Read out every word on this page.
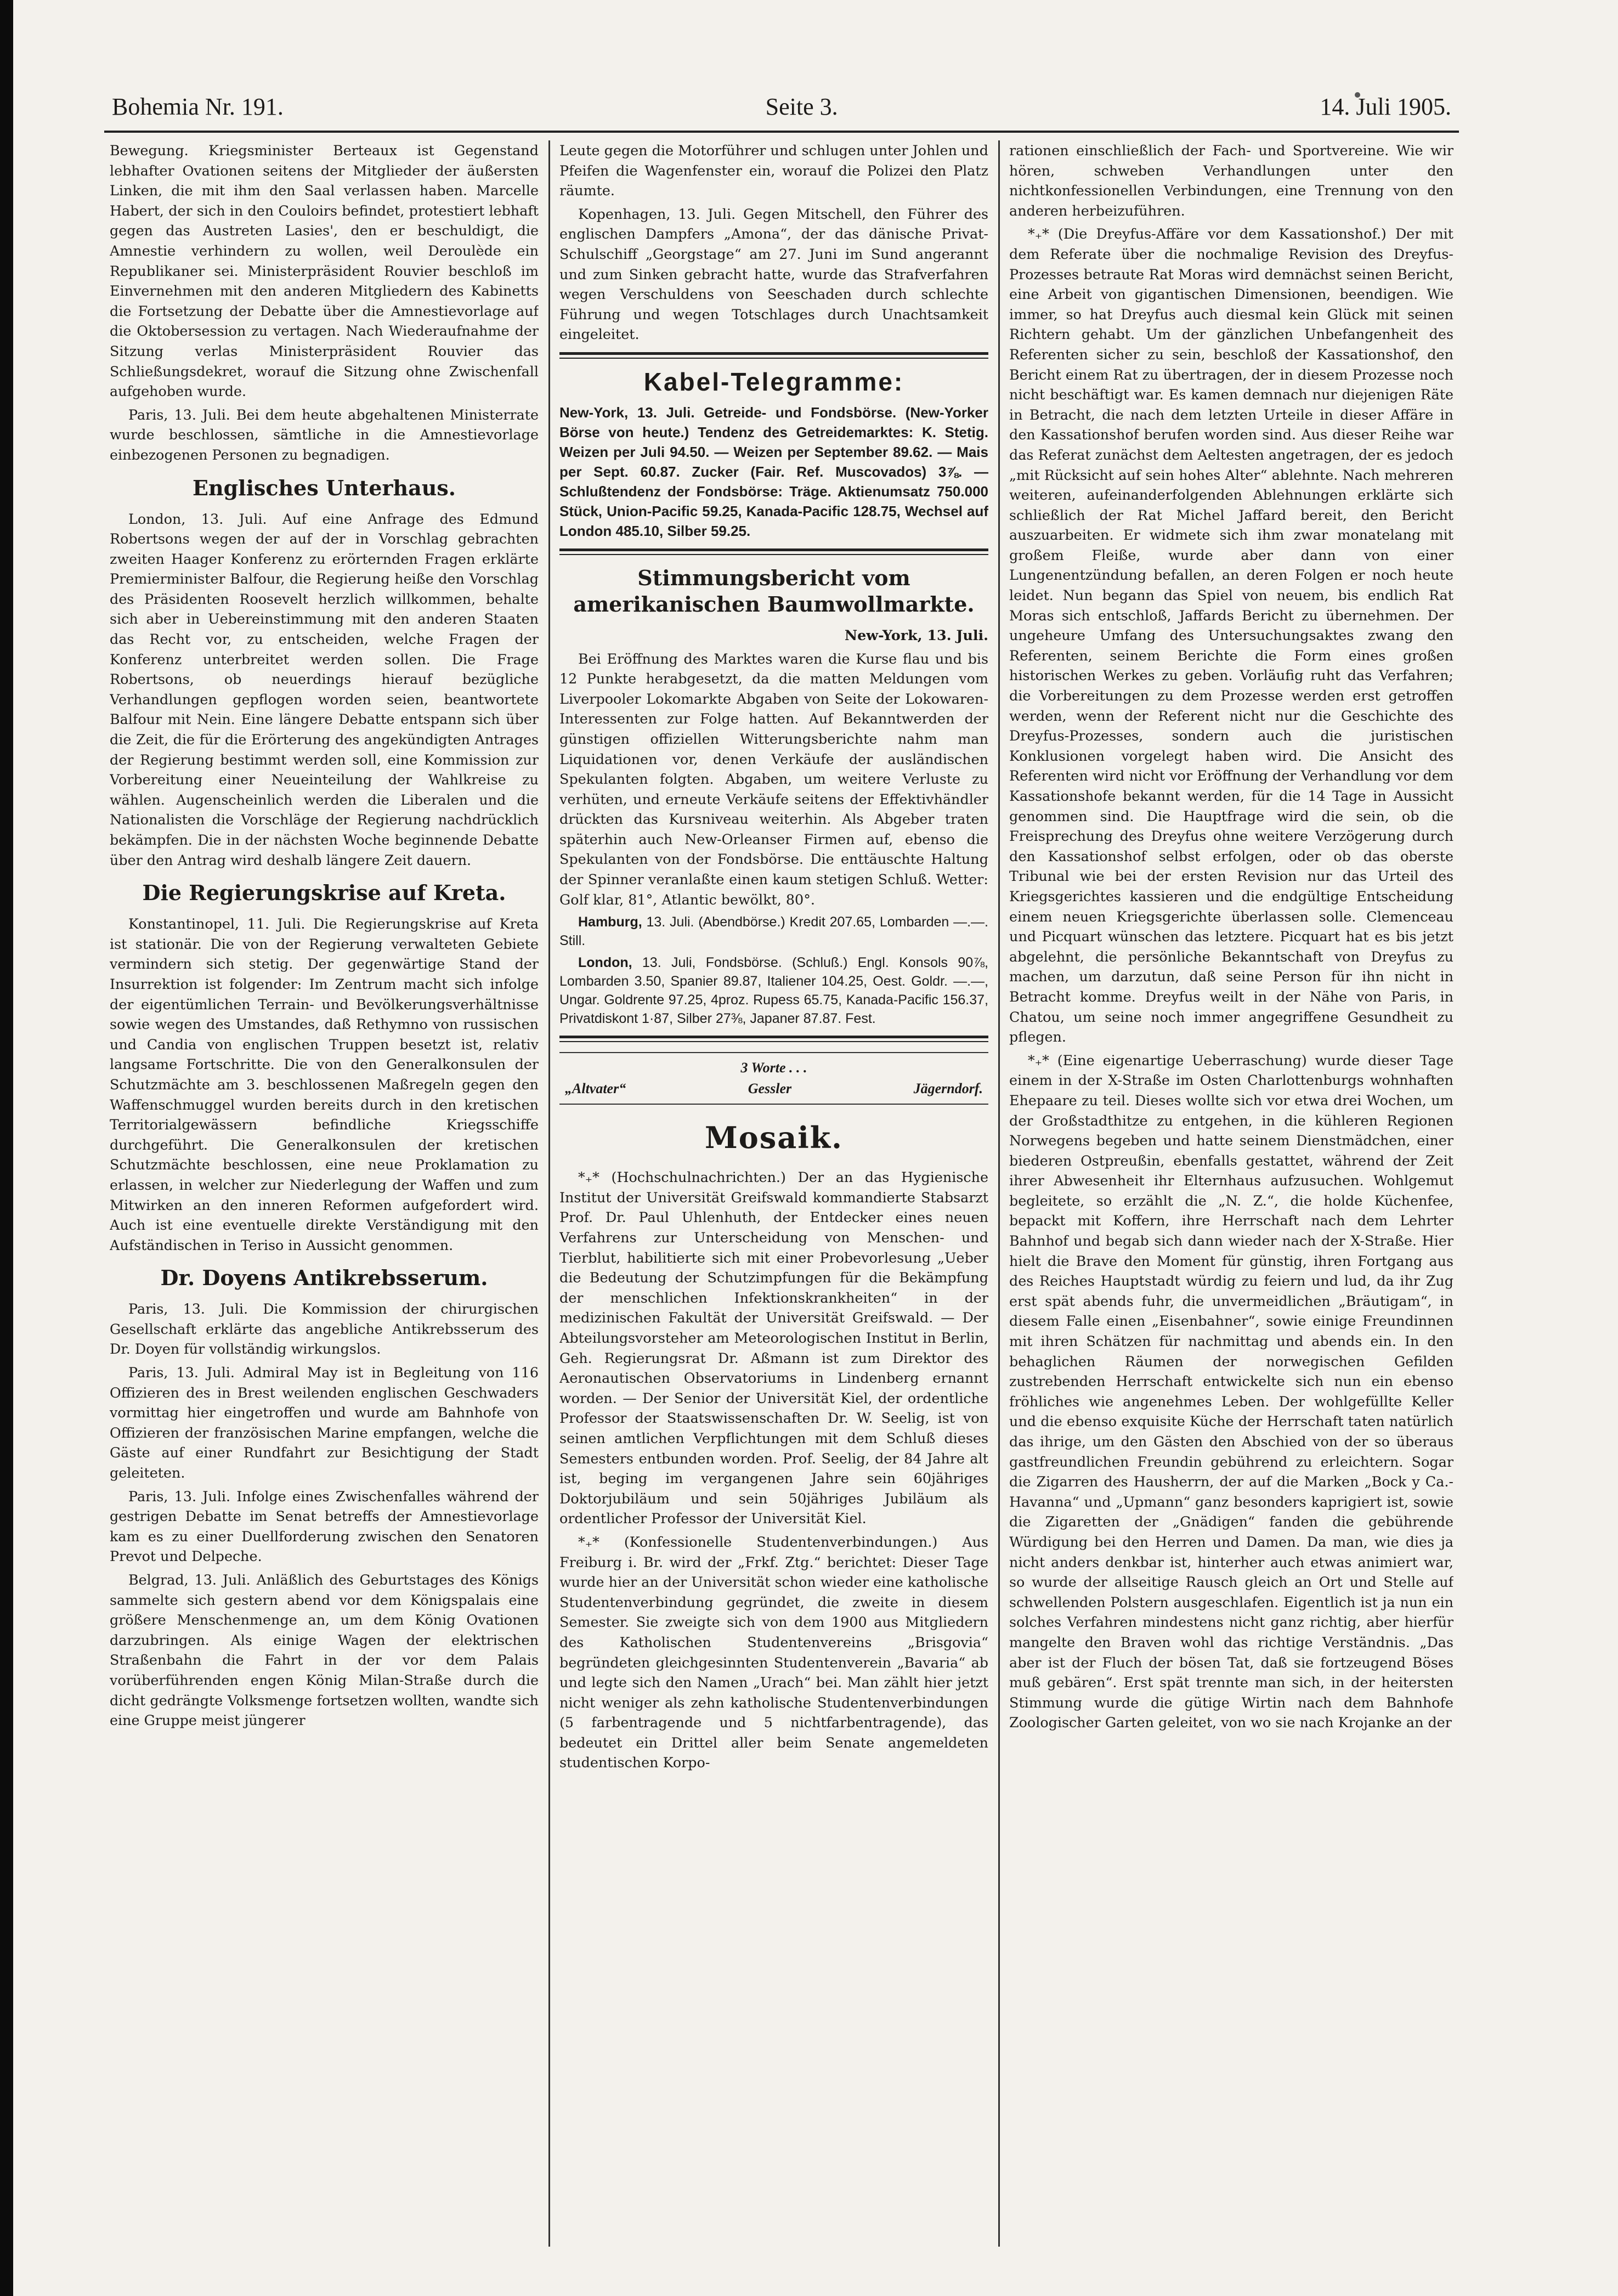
Bohemia Nr. 191.	Seite 3.	14. Juli 1905.

Bewegung. Kriegsminister Berteaux ist Gegenstand lebhafter Ovationen seitens der Mitglieder der äußersten Linken, die mit ihm den Saal verlassen haben. Marcelle Habert, der sich in den Couloirs befindet, protestiert lebhaft gegen das Austreten Lasies', den er beschuldigt, die Amnestie verhindern zu wollen, weil Deroulède ein Republikaner sei. Ministerpräsident Rouvier beschloß im Einvernehmen mit den anderen Mitgliedern des Kabinetts die Fortsetzung der Debatte über die Amnestievorlage auf die Oktobersession zu vertagen. Nach Wiederaufnahme der Sitzung verlas Ministerpräsident Rouvier das Schließungsdekret, worauf die Sitzung ohne Zwischenfall aufgehoben wurde.

Paris, 13. Juli. Bei dem heute abgehaltenen Ministerrate wurde beschlossen, sämtliche in die Amnestievorlage einbezogenen Personen zu begnadigen.

Englisches Unterhaus.

London, 13. Juli. Auf eine Anfrage des Edmund Robertsons wegen der auf der in Vorschlag gebrachten zweiten Haager Konferenz zu erörternden Fragen erklärte Premierminister Balfour, die Regierung heiße den Vorschlag des Präsidenten Roosevelt herzlich willkommen, behalte sich aber in Uebereinstimmung mit den anderen Staaten das Recht vor, zu entscheiden, welche Fragen der Konferenz unterbreitet werden sollen. Die Frage Robertsons, ob neuerdings hierauf bezügliche Verhandlungen gepflogen worden seien, beantwortete Balfour mit Nein. Eine längere Debatte entspann sich über die Zeit, die für die Erörterung des angekündigten Antrages der Regierung bestimmt werden soll, eine Kommission zur Vorbereitung einer Neueinteilung der Wahlkreise zu wählen. Augenscheinlich werden die Liberalen und die Nationalisten die Vorschläge der Regierung nachdrücklich bekämpfen. Die in der nächsten Woche beginnende Debatte über den Antrag wird deshalb längere Zeit dauern.

Die Regierungskrise auf Kreta.

Konstantinopel, 11. Juli. Die Regierungskrise auf Kreta ist stationär. Die von der Regierung verwalteten Gebiete vermindern sich stetig. Der gegenwärtige Stand der Insurrektion ist folgender: Im Zentrum macht sich infolge der eigentümlichen Terrain- und Bevölkerungsverhältnisse sowie wegen des Umstandes, daß Rethymno von russischen und Candia von englischen Truppen besetzt ist, relativ langsame Fortschritte. Die von den Generalkonsulen der Schutzmächte am 3. beschlossenen Maßregeln gegen den Waffenschmuggel wurden bereits durch in den kretischen Territorialgewässern befindliche Kriegsschiffe durchgeführt. Die Generalkonsulen der kretischen Schutzmächte beschlossen, eine neue Proklamation zu erlassen, in welcher zur Niederlegung der Waffen und zum Mitwirken an den inneren Reformen aufgefordert wird. Auch ist eine eventuelle direkte Verständigung mit den Aufständischen in Teriso in Aussicht genommen.

Dr. Doyens Antikrebsserum.

Paris, 13. Juli. Die Kommission der chirurgischen Gesellschaft erklärte das angebliche Antikrebsserum des Dr. Doyen für vollständig wirkungslos.

Paris, 13. Juli. Admiral May ist in Begleitung von 116 Offizieren des in Brest weilenden englischen Geschwaders vormittag hier eingetroffen und wurde am Bahnhofe von Offizieren der französischen Marine empfangen, welche die Gäste auf einer Rundfahrt zur Besichtigung der Stadt geleiteten.

Paris, 13. Juli. Infolge eines Zwischenfalles während der gestrigen Debatte im Senat betreffs der Amnestievorlage kam es zu einer Duellforderung zwischen den Senatoren Prevot und Delpeche.

Belgrad, 13. Juli. Anläßlich des Geburtstages des Königs sammelte sich gestern abend vor dem Königspalais eine größere Menschenmenge an, um dem König Ovationen darzubringen. Als einige Wagen der elektrischen Straßenbahn die Fahrt in der vor dem Palais vorüberführenden engen König Milan-Straße durch die dicht gedrängte Volksmenge fortsetzen wollten, wandte sich eine Gruppe meist jüngerer

Leute gegen die Motorführer und schlugen unter Johlen und Pfeifen die Wagenfenster ein, worauf die Polizei den Platz räumte.

Kopenhagen, 13. Juli. Gegen Mitschell, den Führer des englischen Dampfers „Amona“, der das dänische Privat-Schulschiff „Georgstage“ am 27. Juni im Sund angerannt und zum Sinken gebracht hatte, wurde das Strafverfahren wegen Verschuldens von Seeschaden durch schlechte Führung und wegen Totschlages durch Unachtsamkeit eingeleitet.

Kabel-Telegramme:

New-York, 13. Juli. Getreide- und Fondsbörse. (New-Yorker Börse von heute.) Tendenz des Getreidemarktes: K. Stetig. Weizen per Juli 94.50. — Weizen per September 89.62. — Mais per Sept. 60.87. Zucker (Fair. Ref. Muscovados) 3⅞. — Schlußtendenz der Fondsbörse: Träge. Aktienumsatz 750.000 Stück, Union-Pacific 59.25, Kanada-Pacific 128.75, Wechsel auf London 485.10, Silber 59.25.

Stimmungsbericht vom amerikanischen Baumwollmarkte.

New-York, 13. Juli.

Bei Eröffnung des Marktes waren die Kurse flau und bis 12 Punkte herabgesetzt, da die matten Meldungen vom Liverpooler Lokomarkte Abgaben von Seite der Lokowaren-Interessenten zur Folge hatten. Auf Bekanntwerden der günstigen offiziellen Witterungsberichte nahm man Liquidationen vor, denen Verkäufe der ausländischen Spekulanten folgten. Abgaben, um weitere Verluste zu verhüten, und erneute Verkäufe seitens der Effektivhändler drückten das Kursniveau weiterhin. Als Abgeber traten späterhin auch New-Orleanser Firmen auf, ebenso die Spekulanten von der Fondsbörse. Die enttäuschte Haltung der Spinner veranlaßte einen kaum stetigen Schluß. Wetter: Golf klar, 81°, Atlantic bewölkt, 80°.

Hamburg, 13. Juli. (Abendbörse.) Kredit 207.65, Lombarden —.—. Still.

London, 13. Juli, Fondsbörse. (Schluß.) Engl. Konsols 90⅞, Lombarden 3.50, Spanier 89.87, Italiener 104.25, Oest. Goldr. —.—, Ungar. Goldrente 97.25, 4proz. Rupess 65.75, Kanada-Pacific 156.37, Privatdiskont 1·87, Silber 27⅜, Japaner 87.87. Fest.

3 Worte . . .
„Altvater“	Gessler	Jägerndorf.
Mosaik.

*₊* (Hochschulnachrichten.) Der an das Hygienische Institut der Universität Greifswald kommandierte Stabsarzt Prof. Dr. Paul Uhlenhuth, der Entdecker eines neuen Verfahrens zur Unterscheidung von Menschen- und Tierblut, habilitierte sich mit einer Probevorlesung „Ueber die Bedeutung der Schutzimpfungen für die Bekämpfung der menschlichen Infektionskrankheiten“ in der medizinischen Fakultät der Universität Greifswald. — Der Abteilungsvorsteher am Meteorologischen Institut in Berlin, Geh. Regierungsrat Dr. Aßmann ist zum Direktor des Aeronautischen Observatoriums in Lindenberg ernannt worden. — Der Senior der Universität Kiel, der ordentliche Professor der Staatswissenschaften Dr. W. Seelig, ist von seinen amtlichen Verpflichtungen mit dem Schluß dieses Semesters entbunden worden. Prof. Seelig, der 84 Jahre alt ist, beging im vergangenen Jahre sein 60jähriges Doktorjubiläum und sein 50jähriges Jubiläum als ordentlicher Professor der Universität Kiel.

*₊* (Konfessionelle Studentenverbindungen.) Aus Freiburg i. Br. wird der „Frkf. Ztg.“ berichtet: Dieser Tage wurde hier an der Universität schon wieder eine katholische Studentenverbindung gegründet, die zweite in diesem Semester. Sie zweigte sich von dem 1900 aus Mitgliedern des Katholischen Studentenvereins „Brisgovia“ begründeten gleichgesinnten Studentenverein „Bavaria“ ab und legte sich den Namen „Urach“ bei. Man zählt hier jetzt nicht weniger als zehn katholische Studentenverbindungen (5 farbentragende und 5 nichtfarbentragende), das bedeutet ein Drittel aller beim Senate angemeldeten studentischen Korpo-

rationen einschließlich der Fach- und Sportvereine. Wie wir hören, schweben Verhandlungen unter den nichtkonfessionellen Verbindungen, eine Trennung von den anderen herbeizuführen.

*₊* (Die Dreyfus-Affäre vor dem Kassationshof.) Der mit dem Referate über die nochmalige Revision des Dreyfus-Prozesses betraute Rat Moras wird demnächst seinen Bericht, eine Arbeit von gigantischen Dimensionen, beendigen. Wie immer, so hat Dreyfus auch diesmal kein Glück mit seinen Richtern gehabt. Um der gänzlichen Unbefangenheit des Referenten sicher zu sein, beschloß der Kassationshof, den Bericht einem Rat zu übertragen, der in diesem Prozesse noch nicht beschäftigt war. Es kamen demnach nur diejenigen Räte in Betracht, die nach dem letzten Urteile in dieser Affäre in den Kassationshof berufen worden sind. Aus dieser Reihe war das Referat zunächst dem Aeltesten angetragen, der es jedoch „mit Rücksicht auf sein hohes Alter“ ablehnte. Nach mehreren weiteren, aufeinanderfolgenden Ablehnungen erklärte sich schließlich der Rat Michel Jaffard bereit, den Bericht auszuarbeiten. Er widmete sich ihm zwar monatelang mit großem Fleiße, wurde aber dann von einer Lungenentzündung befallen, an deren Folgen er noch heute leidet. Nun begann das Spiel von neuem, bis endlich Rat Moras sich entschloß, Jaffards Bericht zu übernehmen. Der ungeheure Umfang des Untersuchungsaktes zwang den Referenten, seinem Berichte die Form eines großen historischen Werkes zu geben. Vorläufig ruht das Verfahren; die Vorbereitungen zu dem Prozesse werden erst getroffen werden, wenn der Referent nicht nur die Geschichte des Dreyfus-Prozesses, sondern auch die juristischen Konklusionen vorgelegt haben wird. Die Ansicht des Referenten wird nicht vor Eröffnung der Verhandlung vor dem Kassationshofe bekannt werden, für die 14 Tage in Aussicht genommen sind. Die Hauptfrage wird die sein, ob die Freisprechung des Dreyfus ohne weitere Verzögerung durch den Kassationshof selbst erfolgen, oder ob das oberste Tribunal wie bei der ersten Revision nur das Urteil des Kriegsgerichtes kassieren und die endgültige Entscheidung einem neuen Kriegsgerichte überlassen solle. Clemenceau und Picquart wünschen das letztere. Picquart hat es bis jetzt abgelehnt, die persönliche Bekanntschaft von Dreyfus zu machen, um darzutun, daß seine Person für ihn nicht in Betracht komme. Dreyfus weilt in der Nähe von Paris, in Chatou, um seine noch immer angegriffene Gesundheit zu pflegen.

*₊* (Eine eigenartige Ueberraschung) wurde dieser Tage einem in der X-Straße im Osten Charlottenburgs wohnhaften Ehepaare zu teil. Dieses wollte sich vor etwa drei Wochen, um der Großstadthitze zu entgehen, in die kühleren Regionen Norwegens begeben und hatte seinem Dienstmädchen, einer biederen Ostpreußin, ebenfalls gestattet, während der Zeit ihrer Abwesenheit ihr Elternhaus aufzusuchen. Wohlgemut begleitete, so erzählt die „N. Z.“, die holde Küchenfee, bepackt mit Koffern, ihre Herrschaft nach dem Lehrter Bahnhof und begab sich dann wieder nach der X-Straße. Hier hielt die Brave den Moment für günstig, ihren Fortgang aus des Reiches Hauptstadt würdig zu feiern und lud, da ihr Zug erst spät abends fuhr, die unvermeidlichen „Bräutigam“, in diesem Falle einen „Eisenbahner“, sowie einige Freundinnen mit ihren Schätzen für nachmittag und abends ein. In den behaglichen Räumen der norwegischen Gefilden zustrebenden Herrschaft entwickelte sich nun ein ebenso fröhliches wie angenehmes Leben. Der wohlgefüllte Keller und die ebenso exquisite Küche der Herrschaft taten natürlich das ihrige, um den Gästen den Abschied von der so überaus gastfreundlichen Freundin gebührend zu erleichtern. Sogar die Zigarren des Hausherrn, der auf die Marken „Bock y Ca.-Havanna“ und „Upmann“ ganz besonders kaprigiert ist, sowie die Zigaretten der „Gnädigen“ fanden die gebührende Würdigung bei den Herren und Damen. Da man, wie dies ja nicht anders denkbar ist, hinterher auch etwas animiert war, so wurde der allseitige Rausch gleich an Ort und Stelle auf schwellenden Polstern ausgeschlafen. Eigentlich ist ja nun ein solches Verfahren mindestens nicht ganz richtig, aber hierfür mangelte den Braven wohl das richtige Verständnis. „Das aber ist der Fluch der bösen Tat, daß sie fortzeugend Böses muß gebären“. Erst spät trennte man sich, in der heitersten Stimmung wurde die gütige Wirtin nach dem Bahnhofe Zoologischer Garten geleitet, von wo sie nach Krojanke an der
